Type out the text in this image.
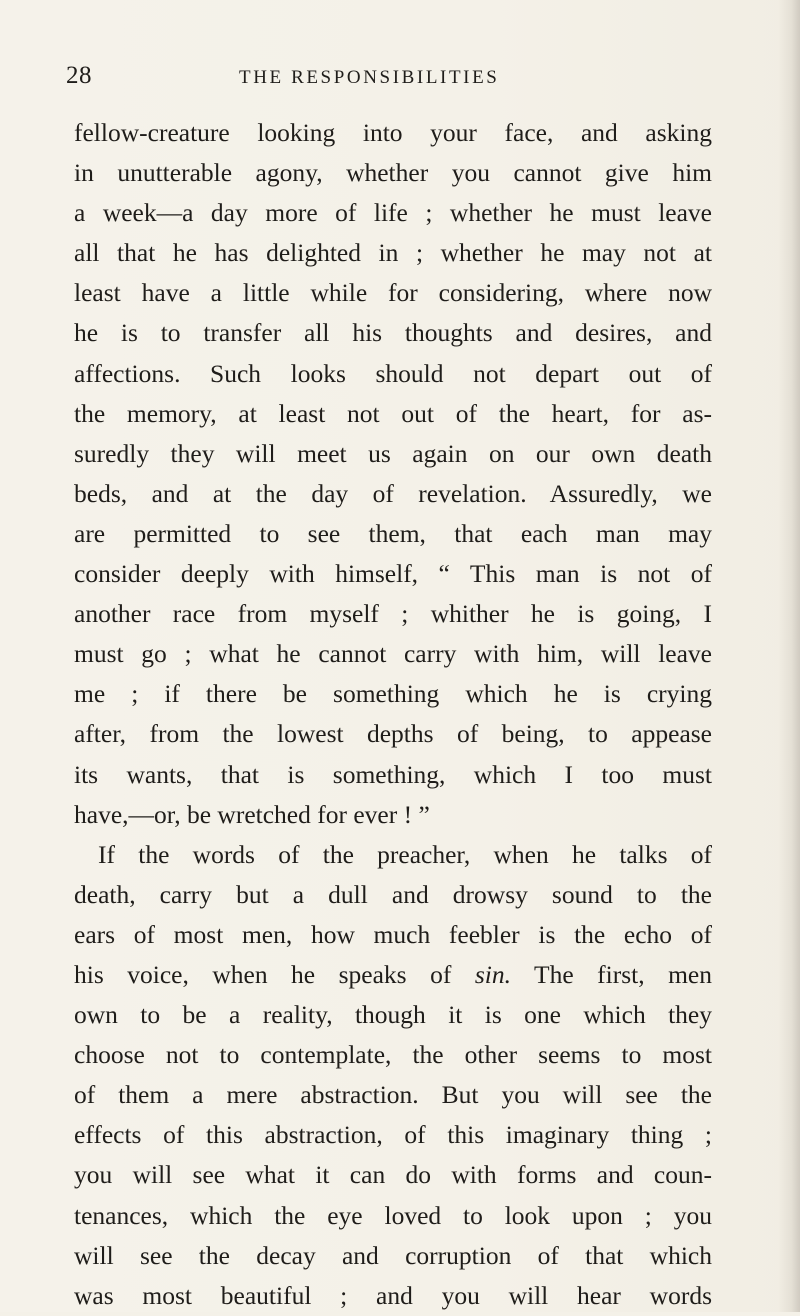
28	THE RESPONSIBILITIES
fellow-creature looking into your face, and asking
in unutterable agony, whether you cannot give him
a week—a day more of life ; whether he must leave
all that he has delighted in ; whether he may not at
least have a little while for considering, where now
he is to transfer all his thoughts and desires, and
affections. Such looks should not depart out of
the memory, at least not out of the heart, for as-
suredly they will meet us again on our own death
beds, and at the day of revelation. Assuredly, we
are permitted to see them, that each man may
consider deeply with himself, “ This man is not of
another race from myself ; whither he is going, I
must go ; what he cannot carry with him, will leave
me ; if there be something which he is crying
after, from the lowest depths of being, to appease
its wants, that is something, which I too must
have,—or, be wretched for ever ! ”
If the words of the preacher, when he talks of
death, carry but a dull and drowsy sound to the
ears of most men, how much feebler is the echo of
his voice, when he speaks of sin. The first, men
own to be a reality, though it is one which they
choose not to contemplate, the other seems to most
of them a mere abstraction. But you will see the
effects of this abstraction, of this imaginary thing ;
you will see what it can do with forms and coun-
tenances, which the eye loved to look upon ; you
will see the decay and corruption of that which
was most beautiful ; and you will hear words
